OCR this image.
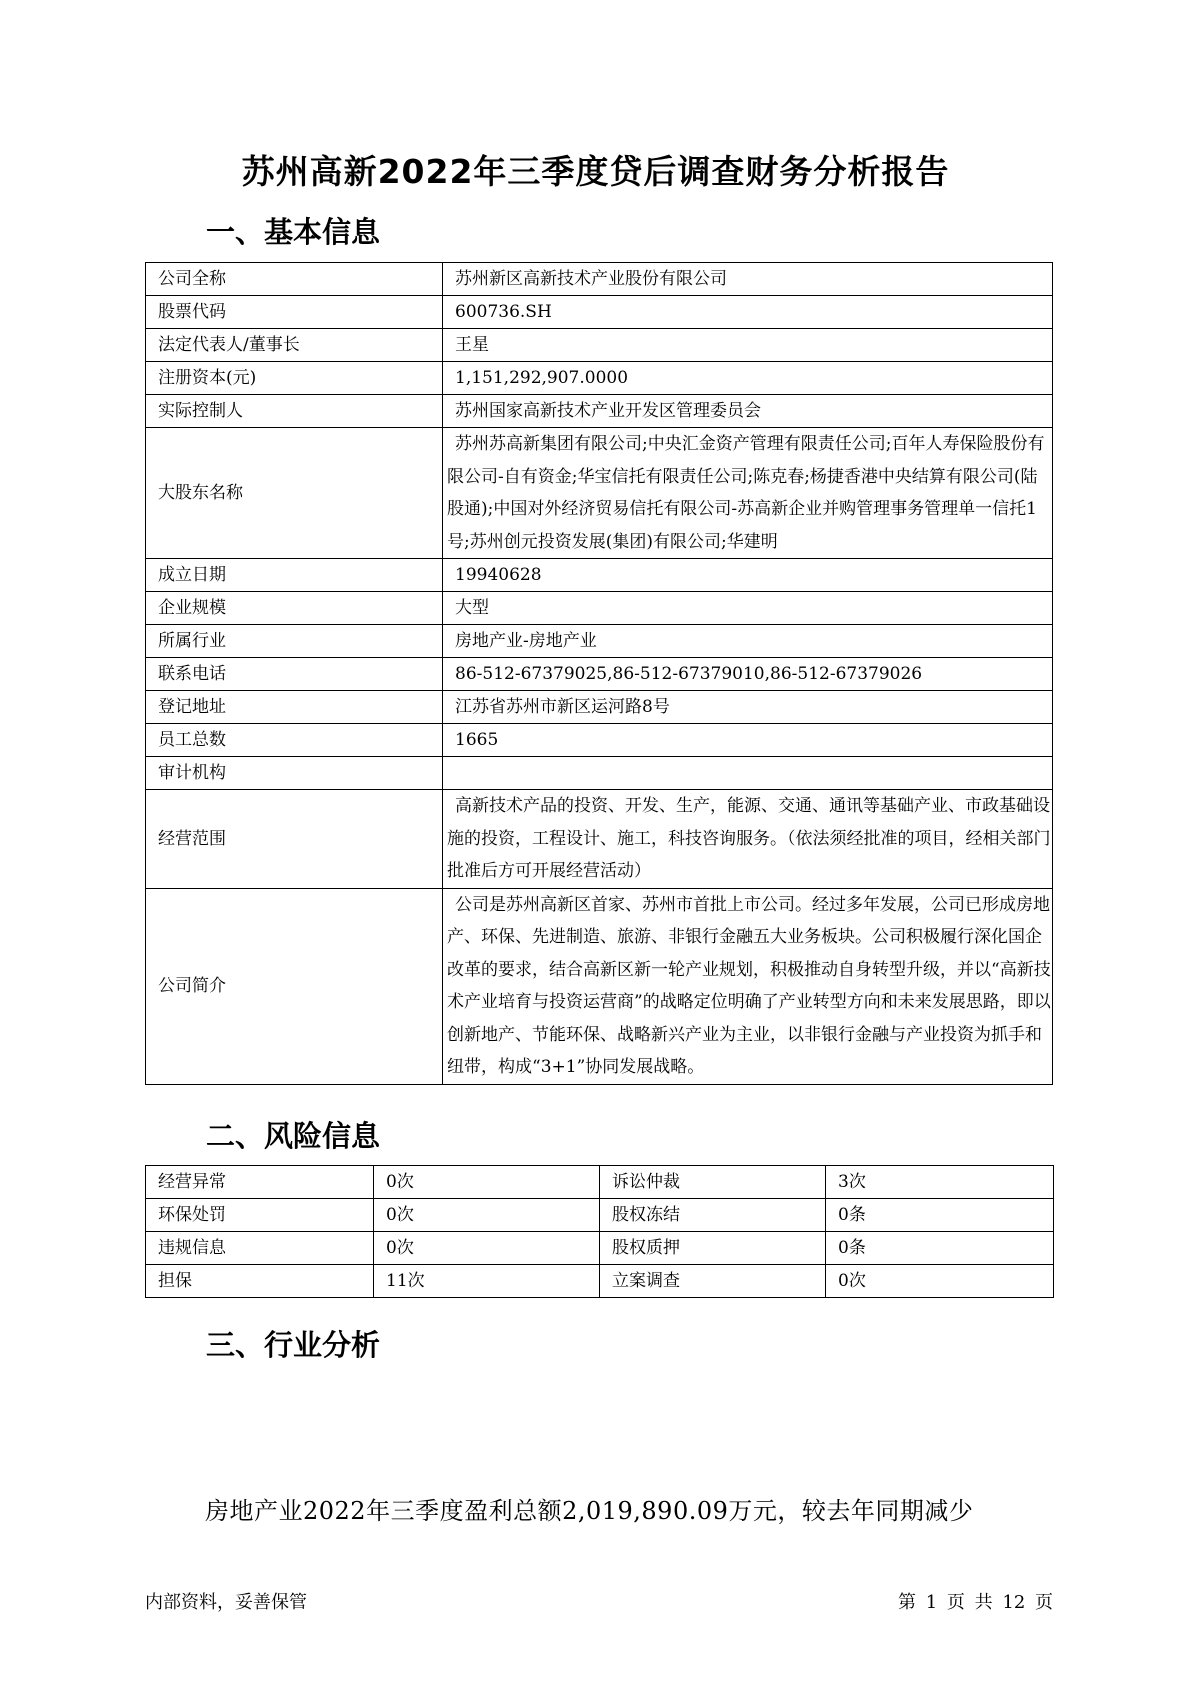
苏州高新2022年三季度贷后调查财务分析报告
一、基本信息
公司全称	苏州新区高新技术产业股份有限公司
股票代码	600736.SH
法定代表人/董事长	王星
注册资本(元)	1,151,292,907.0000
实际控制人	苏州国家高新技术产业开发区管理委员会
大股东名称	苏州苏高新集团有限公司;中央汇金资产管理有限责任公司;百年人寿保险股份有限公司-自有资金;华宝信托有限责任公司;陈克春;杨捷香港中央结算有限公司(陆股通);中国对外经济贸易信托有限公司-苏高新企业并购管理事务管理单一信托1号;苏州创元投资发展(集团)有限公司;华建明
成立日期	19940628
企业规模	大型
所属行业	房地产业-房地产业
联系电话	86-512-67379025,86-512-67379010,86-512-67379026
登记地址	江苏省苏州市新区运河路8号
员工总数	1665
审计机构	
经营范围	高新技术产品的投资、开发、生产，能源、交通、通讯等基础产业、市政基础设施的投资，工程设计、施工，科技咨询服务。（依法须经批准的项目，经相关部门批准后方可开展经营活动）
公司简介	公司是苏州高新区首家、苏州市首批上市公司。经过多年发展，公司已形成房地产、环保、先进制造、旅游、非银行金融五大业务板块。公司积极履行深化国企改革的要求，结合高新区新一轮产业规划，积极推动自身转型升级，并以“高新技术产业培育与投资运营商”的战略定位明确了产业转型方向和未来发展思路，即以创新地产、节能环保、战略新兴产业为主业，以非银行金融与产业投资为抓手和纽带，构成“3+1”协同发展战略。
二、风险信息
经营异常	0次	诉讼仲裁	3次
环保处罚	0次	股权冻结	0条
违规信息	0次	股权质押	0条
担保	11次	立案调查	0次
三、行业分析
房地产业2022年三季度盈利总额2,019,890.09万元，较去年同期减少
内部资料，妥善保管	第 1 页 共 12 页
